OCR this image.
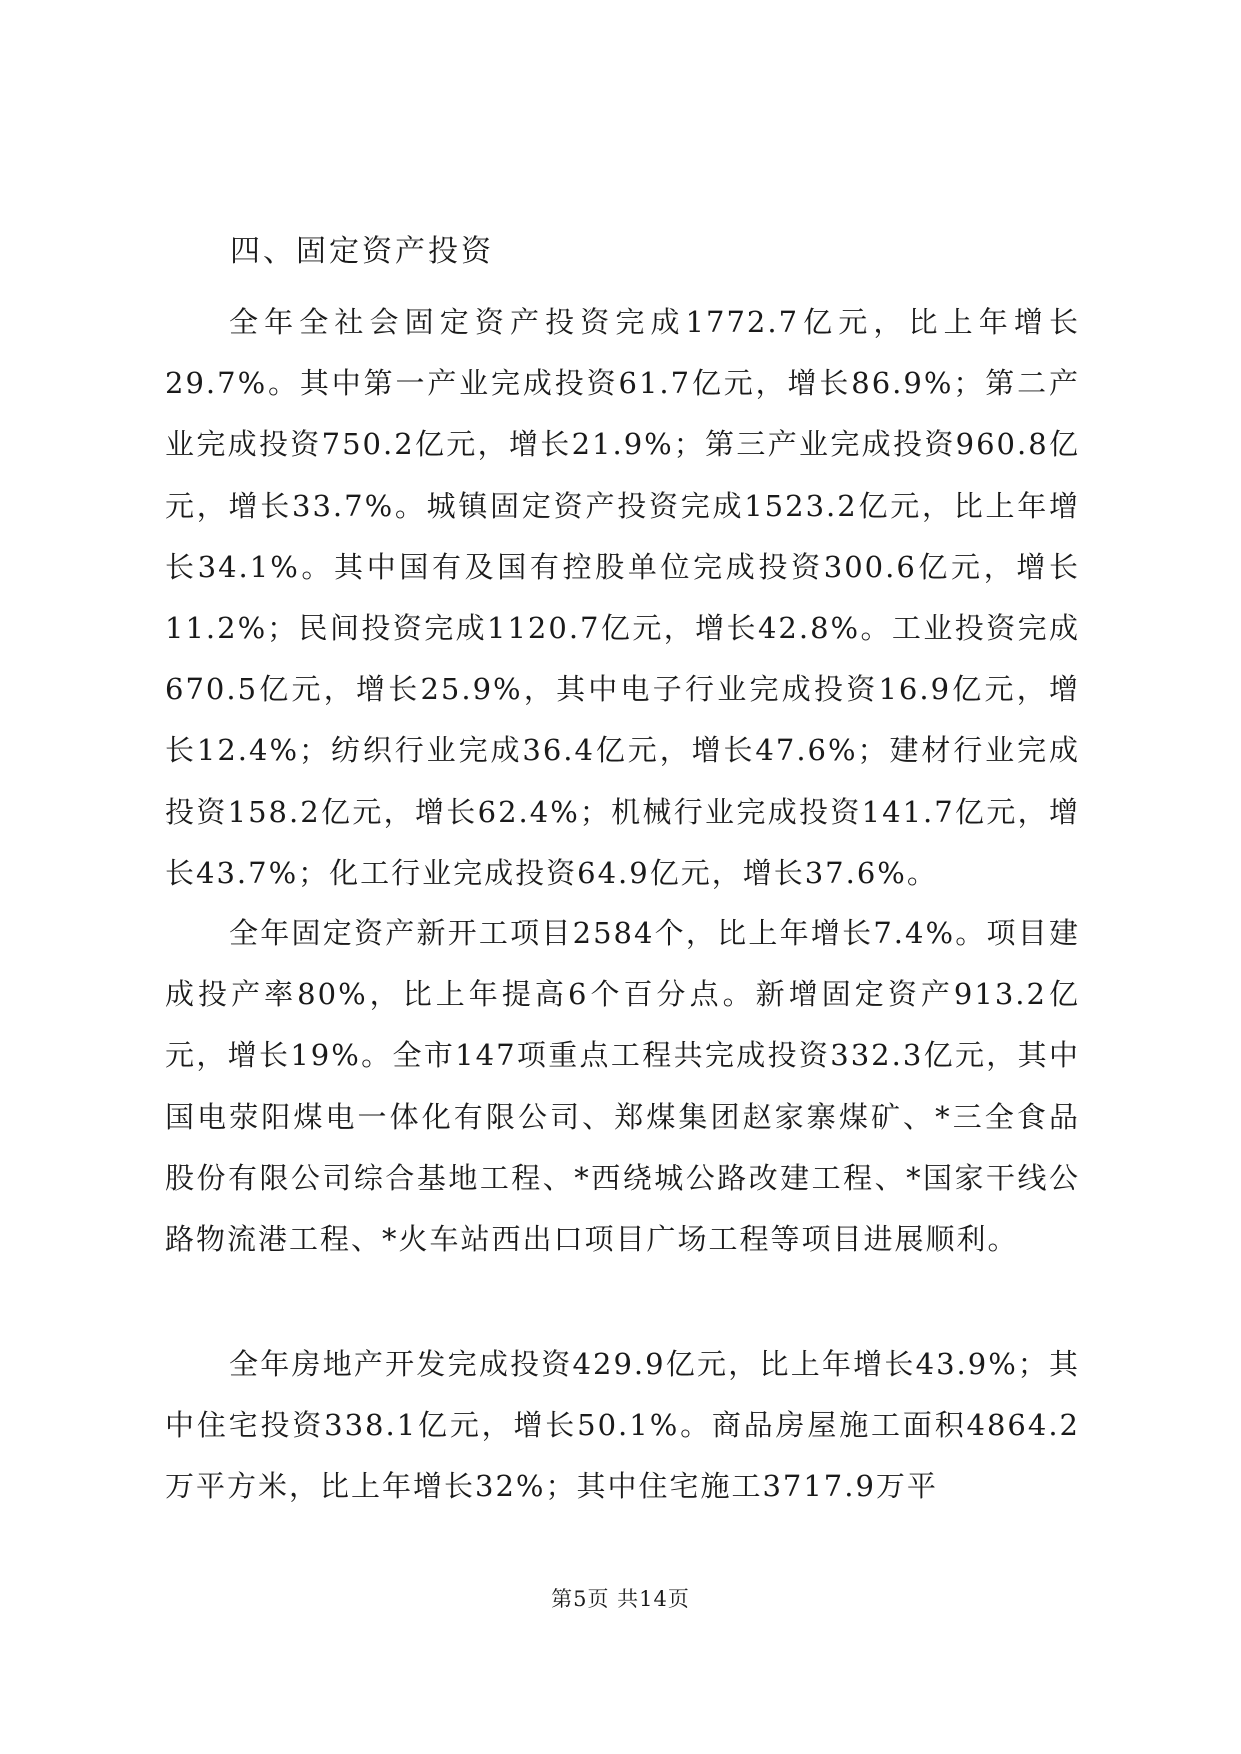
四、固定资产投资

全年全社会固定资产投资完成1772.7亿元，比上年增长29.7%。其中第一产业完成投资61.7亿元，增长86.9%；第二产业完成投资750.2亿元，增长21.9%；第三产业完成投资960.8亿元，增长33.7%。城镇固定资产投资完成1523.2亿元，比上年增长34.1%。其中国有及国有控股单位完成投资300.6亿元，增长11.2%；民间投资完成1120.7亿元，增长42.8%。工业投资完成670.5亿元，增长25.9%，其中电子行业完成投资16.9亿元，增长12.4%；纺织行业完成36.4亿元，增长47.6%；建材行业完成投资158.2亿元，增长62.4%；机械行业完成投资141.7亿元，增长43.7%；化工行业完成投资64.9亿元，增长37.6%。

全年固定资产新开工项目2584个，比上年增长7.4%。项目建成投产率80%，比上年提高6个百分点。新增固定资产913.2亿元，增长19%。全市147项重点工程共完成投资332.3亿元，其中国电荥阳煤电一体化有限公司、郑煤集团赵家寨煤矿、*三全食品股份有限公司综合基地工程、*西绕城公路改建工程、*国家干线公路物流港工程、*火车站西出口项目广场工程等项目进展顺利。

全年房地产开发完成投资429.9亿元，比上年增长43.9%；其中住宅投资338.1亿元，增长50.1%。商品房屋施工面积4864.2万平方米，比上年增长32%；其中住宅施工3717.9万平

第5页 共14页
